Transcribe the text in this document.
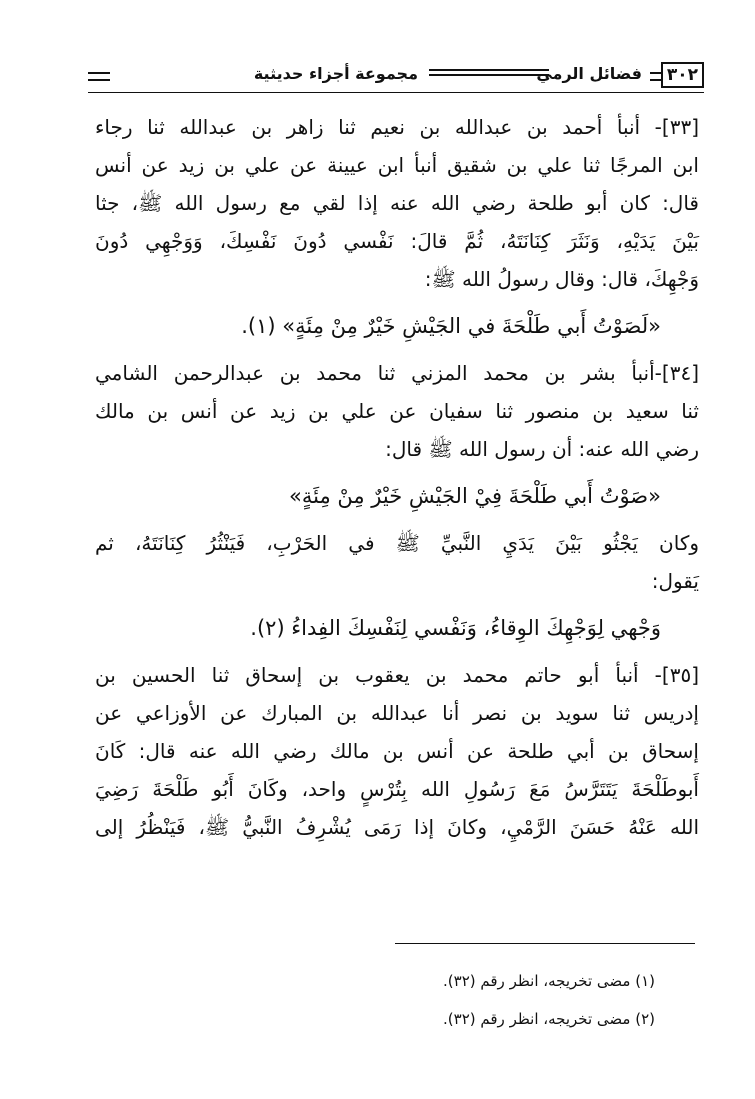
٣٠٢
فضائل الرمي
مجموعة أجزاء حديثية
[٣٣]- أنبأ أحمد بن عبدالله بن نعيم ثنا زاهر بن عبدالله ثنا رجاء
ابن المرجًا ثنا علي بن شقيق أنبأ ابن عيينة عن علي بن زيد عن أنس
قال: كان أبو طلحة رضي الله عنه إذا لقي مع رسول الله ﷺ، جثا
بَيْنَ يَدَيْهِ، وَنَثَرَ كِنَانَتَهُ، ثُمَّ قالَ: نَفْسي دُونَ نَفْسِكَ، وَوَجْهِي دُونَ
وَجْهِكَ، قال: وقال رسولُ الله ﷺ:
«لَصَوْتُ أَبي طَلْحَةَ في الجَيْشِ خَيْرٌ مِنْ مِئَةٍ» (١).
[٣٤]-أنبأ بشر بن محمد المزني ثنا محمد بن عبدالرحمن الشامي
ثنا سعيد بن منصور ثنا سفيان عن علي بن زيد عن أنس بن مالك
رضي الله عنه: أن رسول الله ﷺ قال:
«صَوْتُ أَبي طَلْحَةَ فِيْ الجَيْشِ خَيْرٌ مِنْ مِئَةٍ»
وكان يَجْثُو بَيْنَ يَدَيِ النَّبيِّ ﷺ في الحَرْبِ، فَيَنْثُرُ كِنَانَتَهُ، ثم
يَقول:
وَجْهي لِوَجْهِكَ الوِقاءُ، وَنَفْسي لِنَفْسِكَ الفِداءُ (٢).
[٣٥]- أنبأ أبو حاتم محمد بن يعقوب بن إسحاق ثنا الحسين بن
إدريس ثنا سويد بن نصر أنا عبدالله بن المبارك عن الأوزاعي عن
إسحاق بن أبي طلحة عن أنس بن مالك رضي الله عنه قال: كَانَ
أَبوطَلْحَةَ يَتَتَرَّسُ مَعَ رَسُولِ الله بِتُرْسٍ واحد، وكَانَ أَبُو طَلْحَةَ رَضِيَ
الله عَنْهُ حَسَنَ الرَّمْيِ، وكانَ إذا رَمَى يُشْرِفُ النَّبيُّ ﷺ، فَيَنْظُرُ إلى
(١) مضى تخريجه، انظر رقم (٣٢).
(٢) مضى تخريجه، انظر رقم (٣٢).
